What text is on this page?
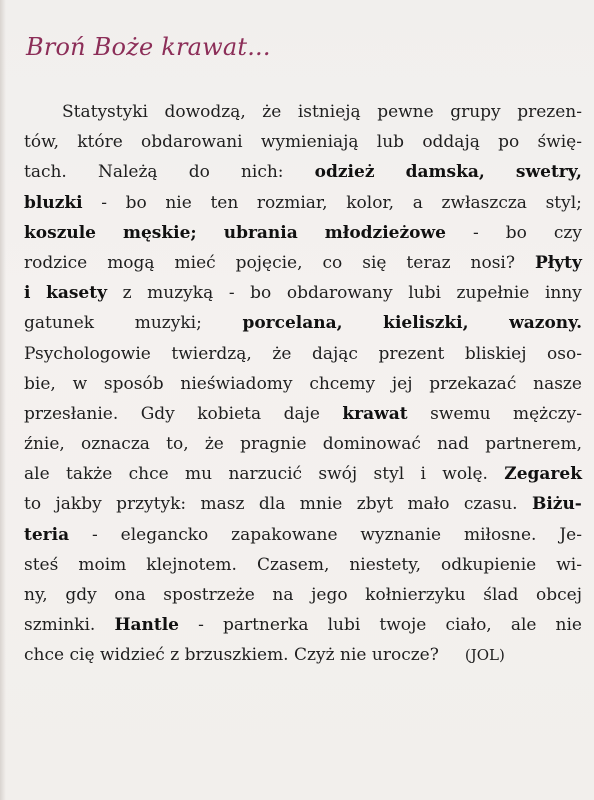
Broń Boże krawat...
Statystyki dowodzą, że istnieją pewne grupy prezen-
tów, które obdarowani wymieniają lub oddają po świę-
tach. Należą do nich: odzież damska, swetry,
bluzki - bo nie ten rozmiar, kolor, a zwłaszcza styl;
koszule męskie; ubrania młodzieżowe - bo czy
rodzice mogą mieć pojęcie, co się teraz nosi? Płyty
i kasety z muzyką - bo obdarowany lubi zupełnie inny
gatunek muzyki; porcelana, kieliszki, wazony.
Psychologowie twierdzą, że dając prezent bliskiej oso-
bie, w sposób nieświadomy chcemy jej przekazać nasze
przesłanie. Gdy kobieta daje krawat swemu mężczy-
źnie, oznacza to, że pragnie dominować nad partnerem,
ale także chce mu narzucić swój styl i wolę. Zegarek
to jakby przytyk: masz dla mnie zbyt mało czasu. Biżu-
teria - elegancko zapakowane wyznanie miłosne. Je-
steś moim klejnotem. Czasem, niestety, odkupienie wi-
ny, gdy ona spostrzeże na jego kołnierzyku ślad obcej
szminki. Hantle - partnerka lubi twoje ciało, ale nie
chce cię widzieć z brzuszkiem. Czyż nie urocze? (JOL)
